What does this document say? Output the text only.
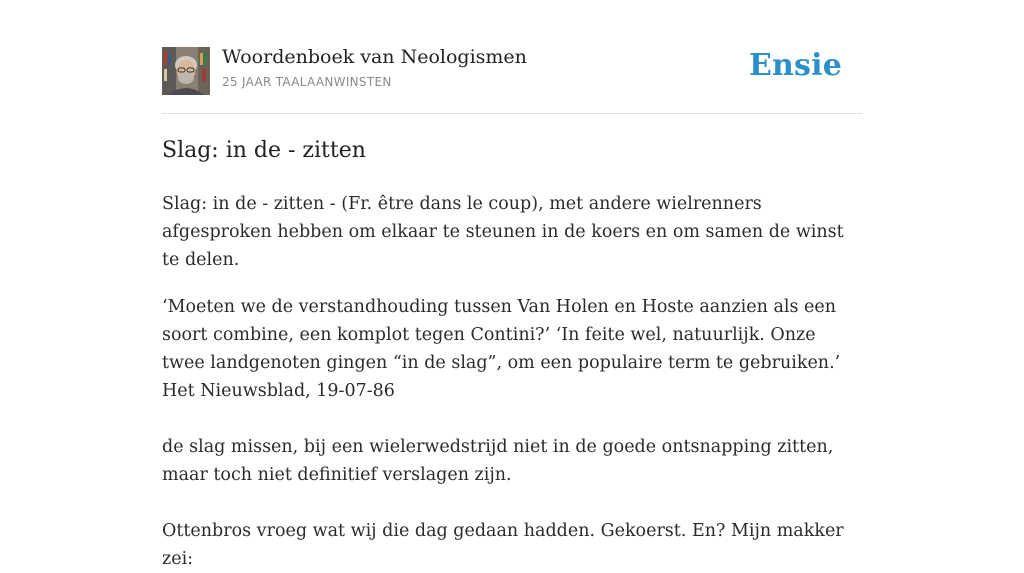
Woordenboek van Neologismen
25 JAAR TAALAANWINSTEN	Ensie
Slag: in de - zitten

Slag: in de - zitten - (Fr. être dans le coup), met andere wielrenners afgesproken hebben om elkaar te steunen in de koers en om samen de winst te delen.

‘Moeten we de verstandhouding tussen Van Holen en Hoste aanzien als een soort combine, een komplot tegen Contini?’ ‘In feite wel, natuurlijk. Onze twee landgenoten gingen “in de slag”, om een populaire term te gebruiken.’ Het Nieuwsblad, 19-07-86

de slag missen, bij een wielerwedstrijd niet in de goede ontsnapping zitten, maar toch niet definitief verslagen zijn.

Ottenbros vroeg wat wij die dag gedaan hadden. Gekoerst. En? Mijn makker zei:
